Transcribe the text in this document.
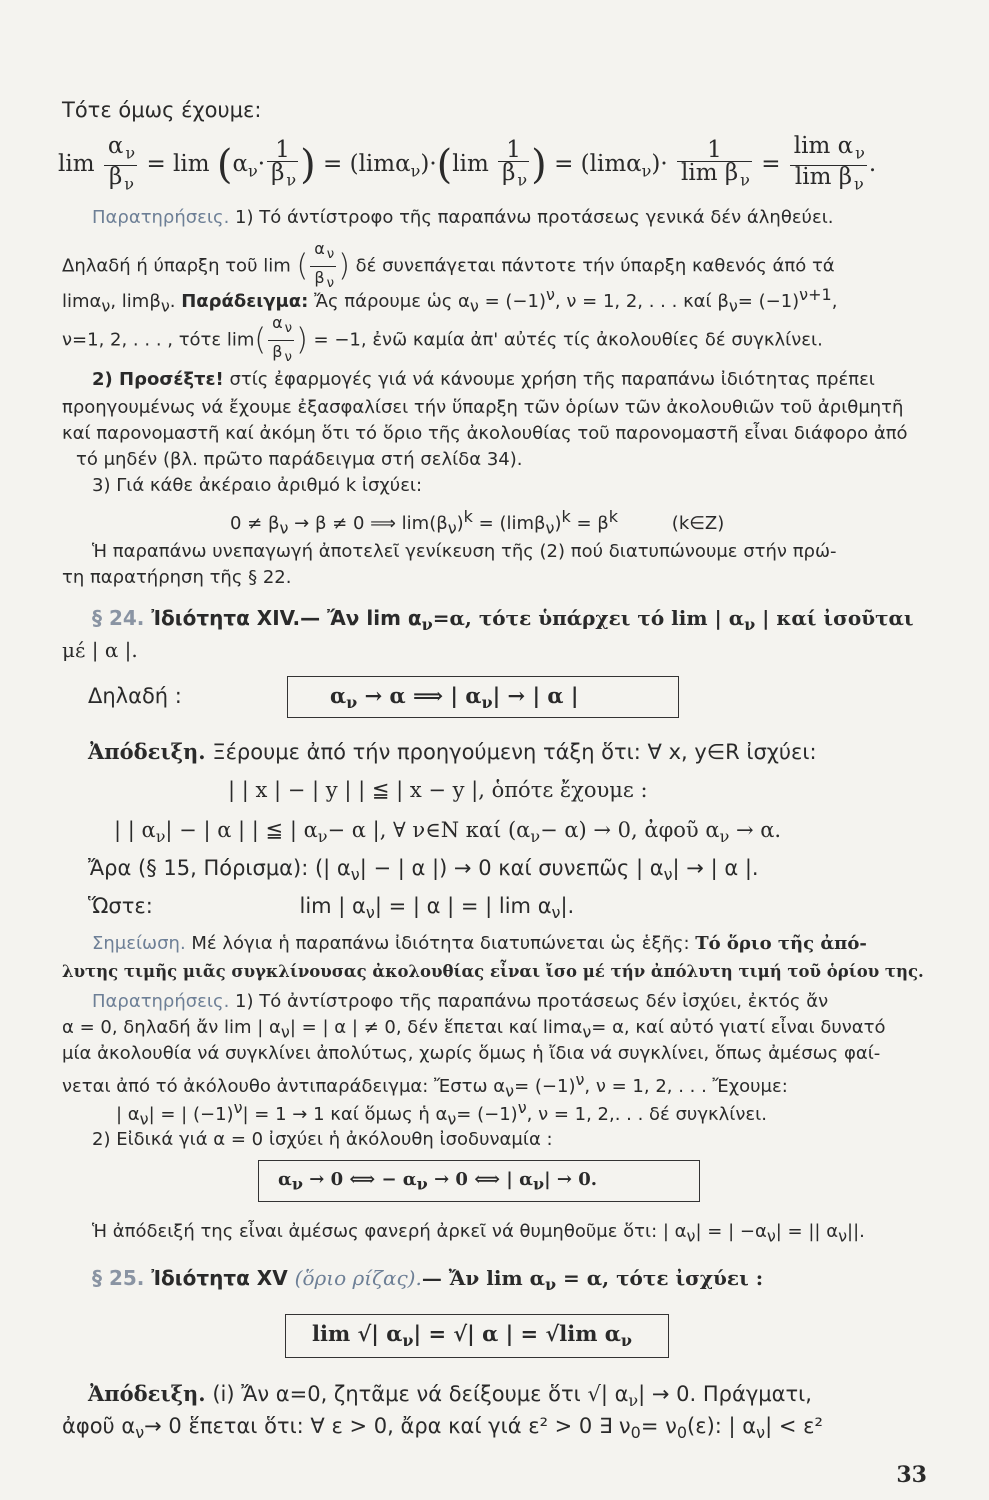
Τότε όμως έχουμε:
$\lim \frac{\alpha _\nu}{\beta _\nu} = \lim (\alpha_\nu\cdot \frac{1}{\beta _\nu}$ ) = $(\lim\alpha_\nu)\cdot(\lim \frac{1}{\beta _\nu}$ ) = $(\lim\alpha_\nu)\cdot \frac{1}{\lim \beta _\nu} = \frac{\lim \alpha _\nu}{\lim \beta _\nu}$ .
Παρατηρήσεις. 1) Τό άντίστροφο τῆς παραπάνω προτάσεως γενικά δέν άληθεύει.
Δηλαδή ή ύπαρξη τοῦ lim ( $\frac{\alpha _\nu}{\beta _\nu}$ ) δέ συνεπάγεται πάντοτε τήν ύπαρξη καθενός άπό τά
limα$_\nu$, limβ$_\nu$. Παράδειγμα: Ἄς πάρουμε ὡς $\alpha_\nu = (-1)^\nu$, ν = 1, 2, . . . καί $\beta_\nu= (-1)^{\nu+1}$,
ν=1, 2, . . . , τότε $\lim( \frac{\alpha _\nu}{\beta _\nu}$ ) = −1, ἐνῶ καμία ἀπ' αὐτές τίς ἀκολουθίες δέ συγκλίνει.
2) Προσέξτε! στίς ἐφαρμογές γιά νά κάνουμε χρήση τῆς παραπάνω ἰδιότητας πρέπει
προηγουμένως νά ἔχουμε ἐξασφαλίσει τήν ὕπαρξη τῶν ὁρίων τῶν ἀκολουθιῶν τοῦ ἀριθμητῆ
καί παρονομαστῆ καί ἀκόμη ὅτι τό ὅριο τῆς ἀκολουθίας τοῦ παρονομαστῆ εἶναι διάφορο ἀπό
τό μηδέν (βλ. πρῶτο παράδειγμα στή σελίδα 34).
3) Γιά κάθε ἀκέραιο ἀριθμό k ἰσχύει:
$0 \ne \beta_\nu \to \beta \ne 0$ ⟹ $\lim(\beta_\nu)^k = (\lim\beta_\nu)^k = \beta^k$	(k∈Z)
Ἡ παραπάνω υνεπαγωγή ἀποτελεῖ γενίκευση τῆς (2) πού διατυπώνουμε στήν πρώ-
τη παρατήρηση τῆς § 22.
§ 24. Ἰδιότητα XIV.— Ἄν $\lim \alpha_\nu=\alpha$, τότε ὑπάρχει τό lim | $\alpha_\nu$ | καί ἰσοῦται
μέ | α |.
Δηλαδή :	$\alpha_\nu \to \alpha$ ⟹ | $\alpha_\nu|$ → | α |
Ἀπόδειξη. Ξέρουμε ἀπό τήν προηγούμενη τάξη ὅτι: ∀ x, y∈R ἰσχύει:
| | x | − | y | | ≦ | x − y |, ὁπότε ἔχουμε :
| | $\alpha_\nu|$ − | α | | ≦ | $\alpha_\nu- \alpha$ |, ∀ ν∈N καί $(\alpha_\nu- \alpha) \to 0$, ἀφοῦ $\alpha_\nu \to \alpha$.
Ἄρα (§ 15, Πόρισμα): (| $\alpha_\nu|$ − | α |) → 0 καί συνεπῶς | $\alpha_\nu|$ → | α |.
Ὥστε:	lim | $\alpha_\nu|$ = | α | = | $\lim \alpha_\nu|$.
Σημείωση. Μέ λόγια ἡ παραπάνω ἰδιότητα διατυπώνεται ὡς ἑξῆς: Τό ὅριο τῆς ἀπό-
λυτης τιμῆς μιᾶς συγκλίνουσας ἀκολουθίας εἶναι ἴσο μέ τήν ἀπόλυτη τιμή τοῦ ὁρίου της.
Παρατηρήσεις. 1) Τό ἀντίστροφο τῆς παραπάνω προτάσεως δέν ἰσχύει, ἐκτός ἄν
α = 0, δηλαδή ἄν lim | $\alpha_\nu|$ = | α | ≠ 0, δέν ἕπεται καί limα$_\nu$= α, καί αὐτό γιατί εἶναι δυνατό
μία ἀκολουθία νά συγκλίνει ἀπολύτως, χωρίς ὅμως ἡ ἴδια νά συγκλίνει, ὅπως ἀμέσως φαί-
νεται ἀπό τό ἀκόλουθο ἀντιπαράδειγμα: Ἔστω $\alpha_\nu= (-1)^\nu$, ν = 1, 2, . . . Ἔχουμε:
| $\alpha_\nu|$ = | $(-1)^\nu| = 1 \to 1$ καί ὅμως ἡ $\alpha_\nu= (-1)^\nu$, ν = 1, 2,. . . δέ συγκλίνει.
2) Εἰδικά γιά α = 0 ἰσχύει ἡ ἀκόλουθη ἰσοδυναμία :
$\alpha_\nu \to 0$ ⟺ − $\alpha_\nu \to 0$ ⟺ | $\alpha_\nu| \to 0$.
Ἡ ἀπόδειξή της εἶναι ἀμέσως φανερή ἀρκεῖ νά θυμηθοῦμε ὅτι: | $\alpha_\nu|$ = | $-\alpha_\nu|$ = || $\alpha_\nu||$.
§ 25. Ἰδιότητα XV (ὅριο ρίζας).— Ἄν $\lim \alpha_\nu = \alpha$, τότε ἰσχύει :
lim √| $\alpha_\nu|$ = √| α | = √lim $\alpha_\nu$
Ἀπόδειξη. (i) Ἄν α=0, ζητᾶμε νά δείξουμε ὅτι √| $\alpha_\nu| \to 0$. Πράγματι,
ἀφοῦ $\alpha_\nu\to 0$ ἕπεται ὅτι: ∀ ε > 0, ἄρα καί γιά ε² > 0 ∃ $\nu_0= \nu_0(\varepsilon)$: | $\alpha_\nu| < \varepsilon^2$
33
